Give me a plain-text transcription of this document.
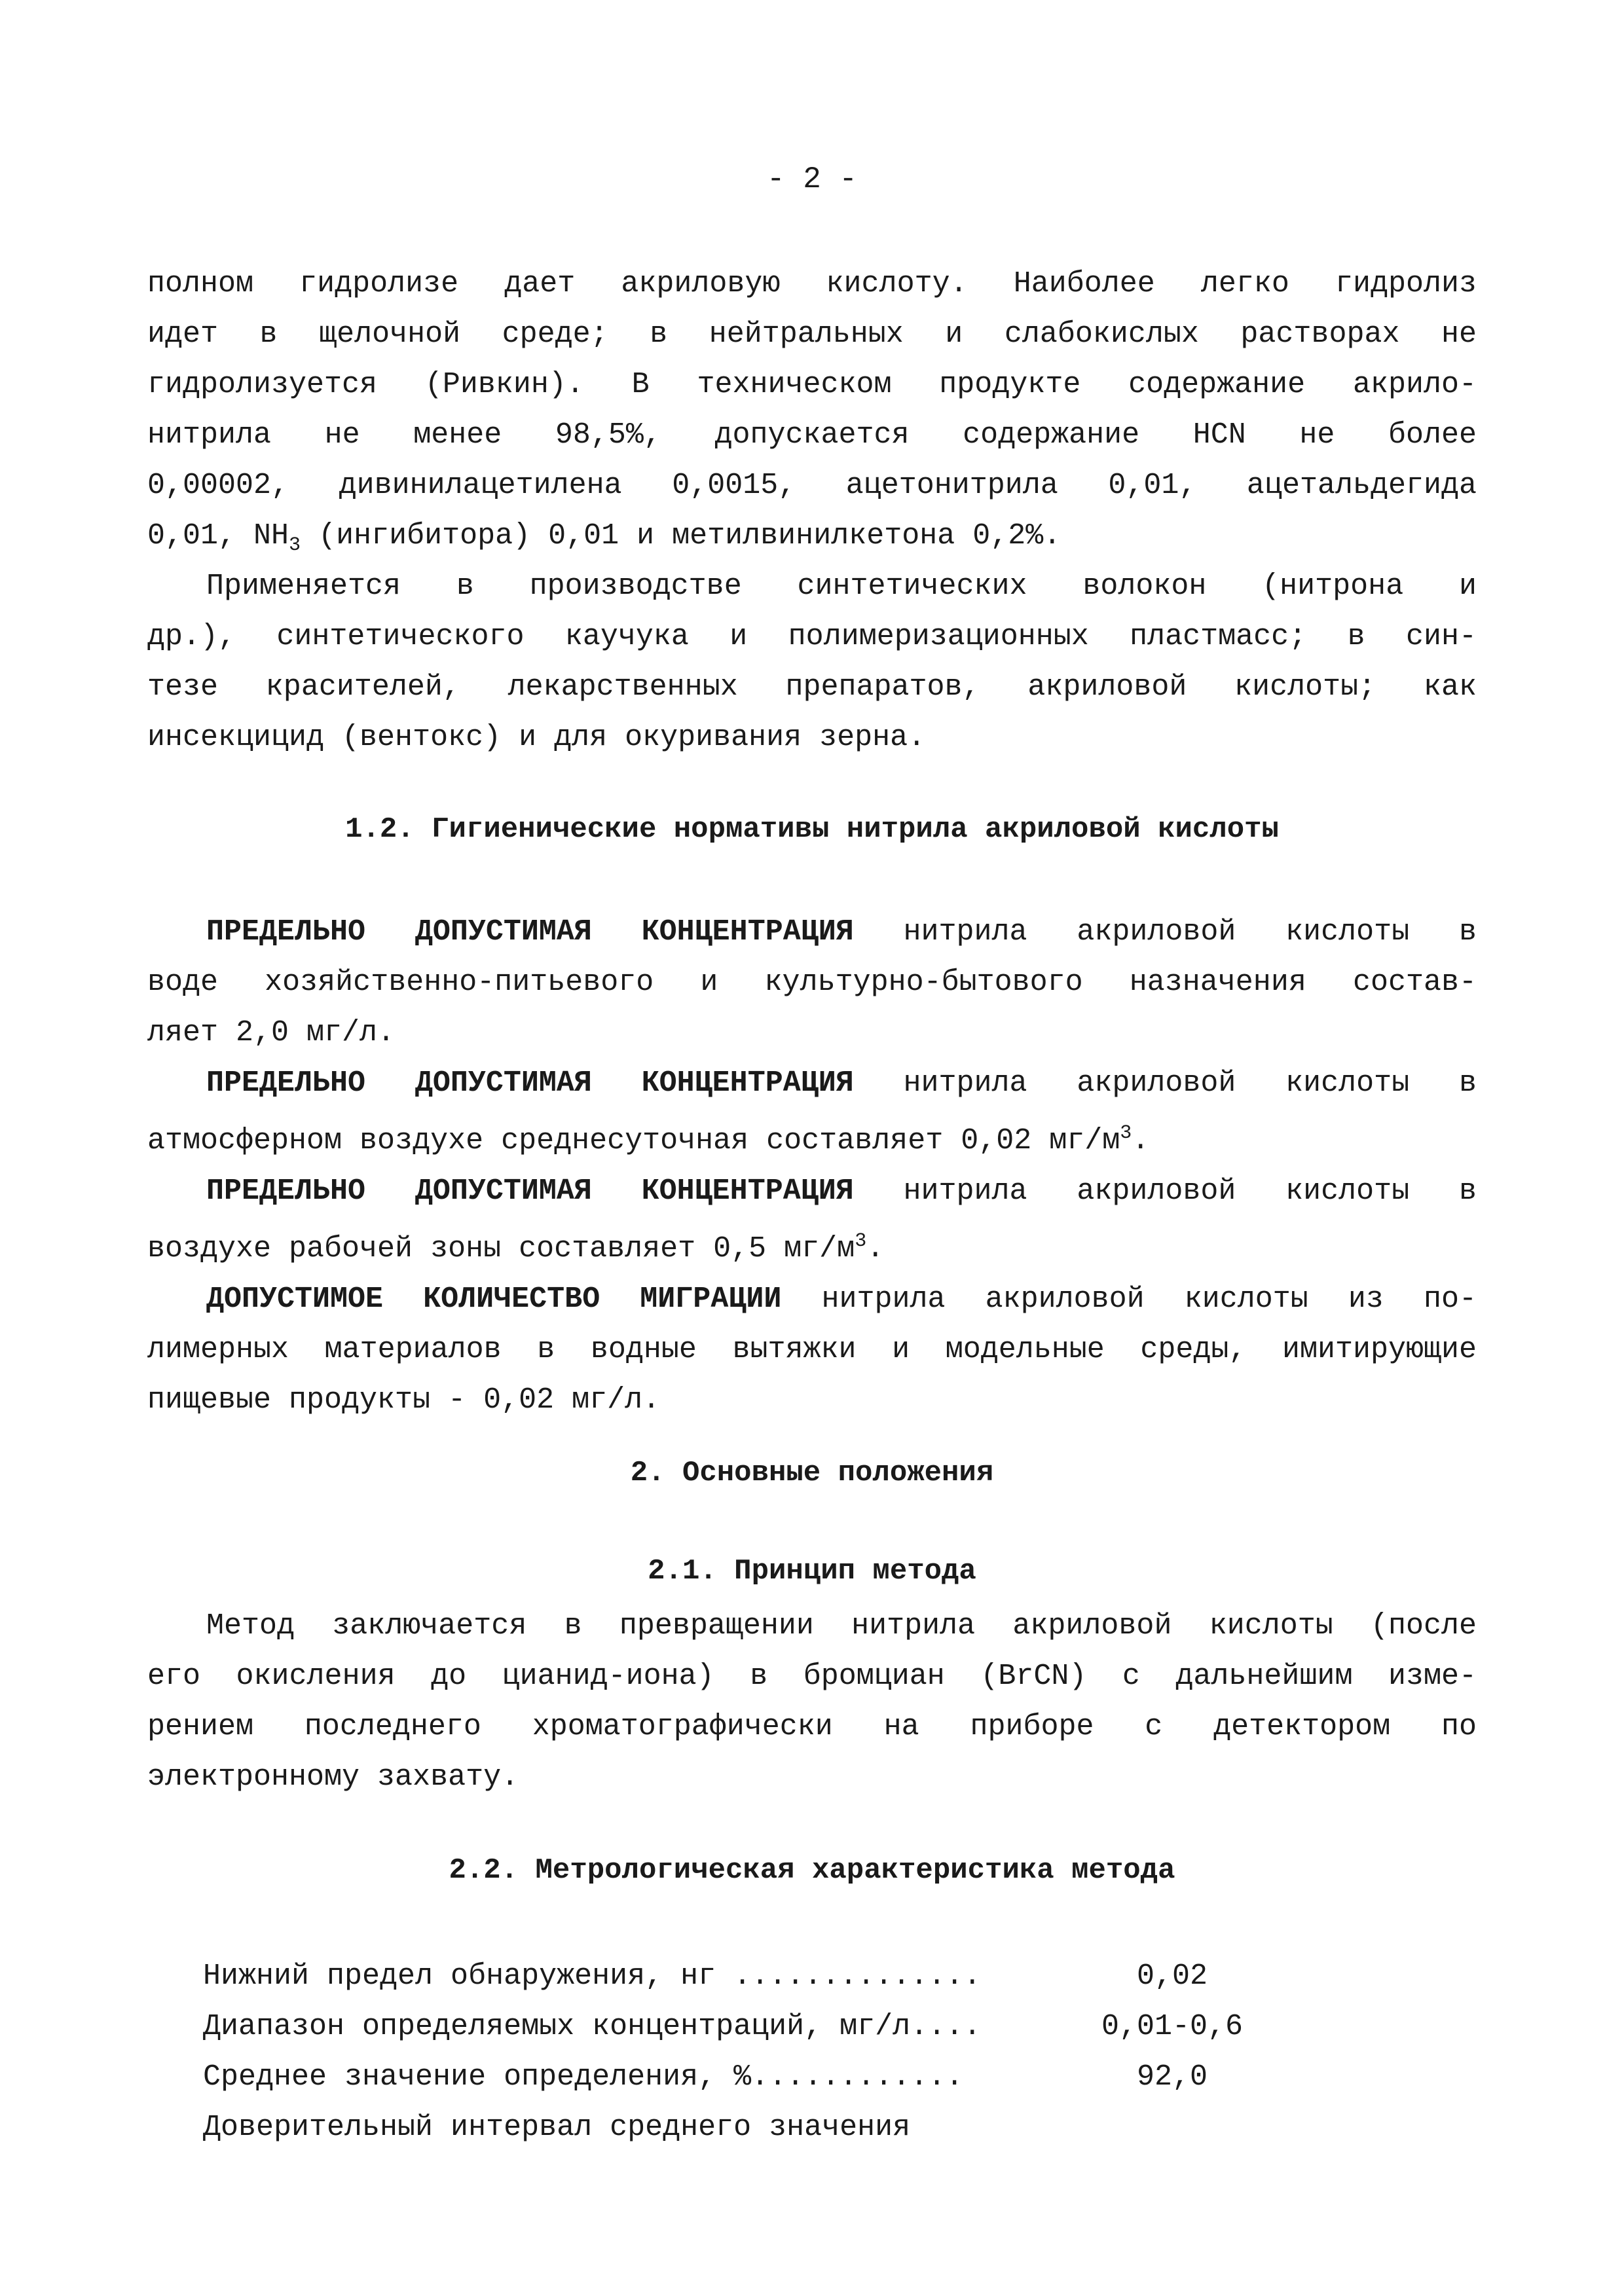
- 2 -
полном гидролизе дает акриловую кислоту. Наиболее легко гидролиз
идет в щелочной среде; в нейтральных и слабокислых растворах не
гидролизуется (Ривкин). В техническом продукте содержание акрило-
нитрила не менее 98,5%, допускается содержание HCN не более
0,00002, дивинилацетилена 0,0015, ацетонитрила 0,01, ацетальдегида
0,01, $NH_3$ (ингибитора) 0,01 и метилвинилкетона 0,2%.
Применяется в производстве синтетических волокон (нитрона и
др.), синтетического каучука и полимеризационных пластмасс; в син-
тезе красителей, лекарственных препаратов, акриловой кислоты; как
инсекцицид (вентокс) и для окуривания зерна.
1.2. Гигиенические нормативы нитрила акриловой кислоты
ПРЕДЕЛЬНО ДОПУСТИМАЯ КОНЦЕНТРАЦИЯ нитрила акриловой кислоты в
воде хозяйственно-питьевого и культурно-бытового назначения состав-
ляет 2,0 мг/л.
ПРЕДЕЛЬНО ДОПУСТИМАЯ КОНЦЕНТРАЦИЯ нитрила акриловой кислоты в
атмосферном воздухе среднесуточная составляет 0,02 $мг/м^3$.
ПРЕДЕЛЬНО ДОПУСТИМАЯ КОНЦЕНТРАЦИЯ нитрила акриловой кислоты в
воздухе рабочей зоны составляет 0,5 $мг/м^3$.
ДОПУСТИМОЕ КОЛИЧЕСТВО МИГРАЦИИ нитрила акриловой кислоты из по-
лимерных материалов в водные вытяжки и модельные среды, имитирующие
пищевые продукты - 0,02 мг/л.
2. Основные положения
2.1. Принцип метода
Метод заключается в превращении нитрила акриловой кислоты (после
его окисления до цианид-иона) в бромциан (BrCN) с дальнейшим изме-
рением последнего хроматографически на приборе с детектором по
электронному захвату.
2.2. Метрологическая характеристика метода
Нижний предел обнаружения, нг ..............	0,02
Диапазон определяемых концентраций, мг/л....	0,01-0,6
Среднее значение определения, %............	92,0
Доверительный интервал среднего значения
